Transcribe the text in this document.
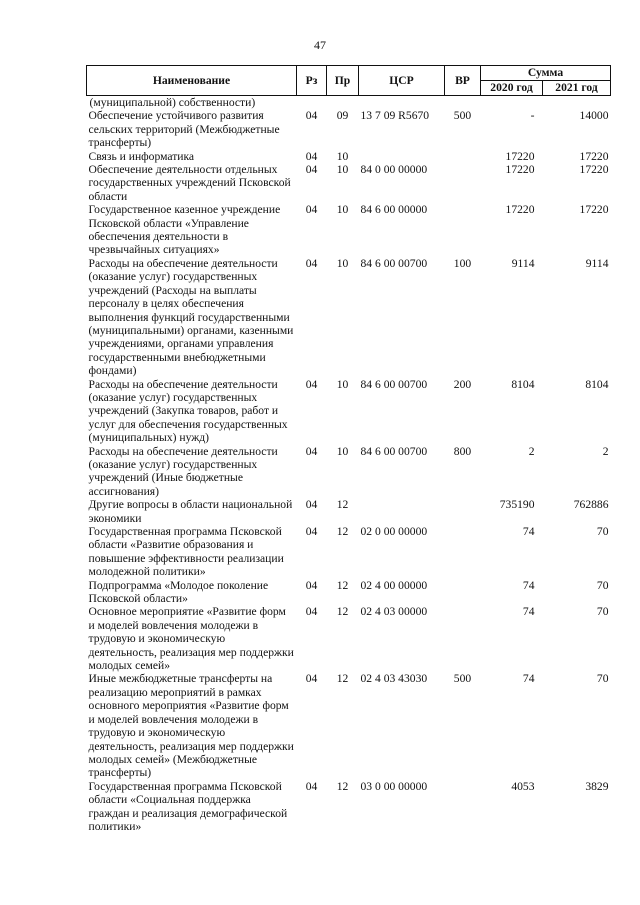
47
Наименование	Рз	Пр	ЦСР	ВР	Сумма	
					2020 год	2021 год
(муниципальной) собственности)						
Обеспечение устойчивого развития сельских территорий (Межбюджетные трансферты)	04	09	13 7 09 R5670	500	-	14000
Связь и информатика	04	10			17220	17220
Обеспечение деятельности отдельных государственных учреждений Псковской области	04	10	84 0 00 00000		17220	17220
Государственное казенное учреждение Псковской области «Управление обеспечения деятельности в чрезвычайных ситуациях»	04	10	84 6 00 00000		17220	17220
Расходы на обеспечение деятельности (оказание услуг) государственных учреждений (Расходы на выплаты персоналу в целях обеспечения выполнения функций государственными (муниципальными) органами, казенными учреждениями, органами управления государственными внебюджетными фондами)	04	10	84 6 00 00700	100	9114	9114
Расходы на обеспечение деятельности (оказание услуг) государственных учреждений (Закупка товаров, работ и услуг для обеспечения государственных (муниципальных) нужд)	04	10	84 6 00 00700	200	8104	8104
Расходы на обеспечение деятельности (оказание услуг) государственных учреждений (Иные бюджетные ассигнования)	04	10	84 6 00 00700	800	2	2
Другие вопросы в области национальной экономики	04	12			735190	762886
Государственная программа Псковской области «Развитие образования и повышение эффективности реализации молодежной политики»	04	12	02 0 00 00000		74	70
Подпрограмма «Молодое поколение Псковской области»	04	12	02 4 00 00000		74	70
Основное мероприятие «Развитие форм и моделей вовлечения молодежи в трудовую и экономическую деятельность, реализация мер поддержки молодых семей»	04	12	02 4 03 00000		74	70
Иные межбюджетные трансферты на реализацию мероприятий в рамках основного мероприятия «Развитие форм и моделей вовлечения молодежи в трудовую и экономическую деятельность, реализация мер поддержки молодых семей» (Межбюджетные трансферты)	04	12	02 4 03 43030	500	74	70
Государственная программа Псковской области «Социальная поддержка граждан и реализация демографической политики»	04	12	03 0 00 00000		4053	3829
